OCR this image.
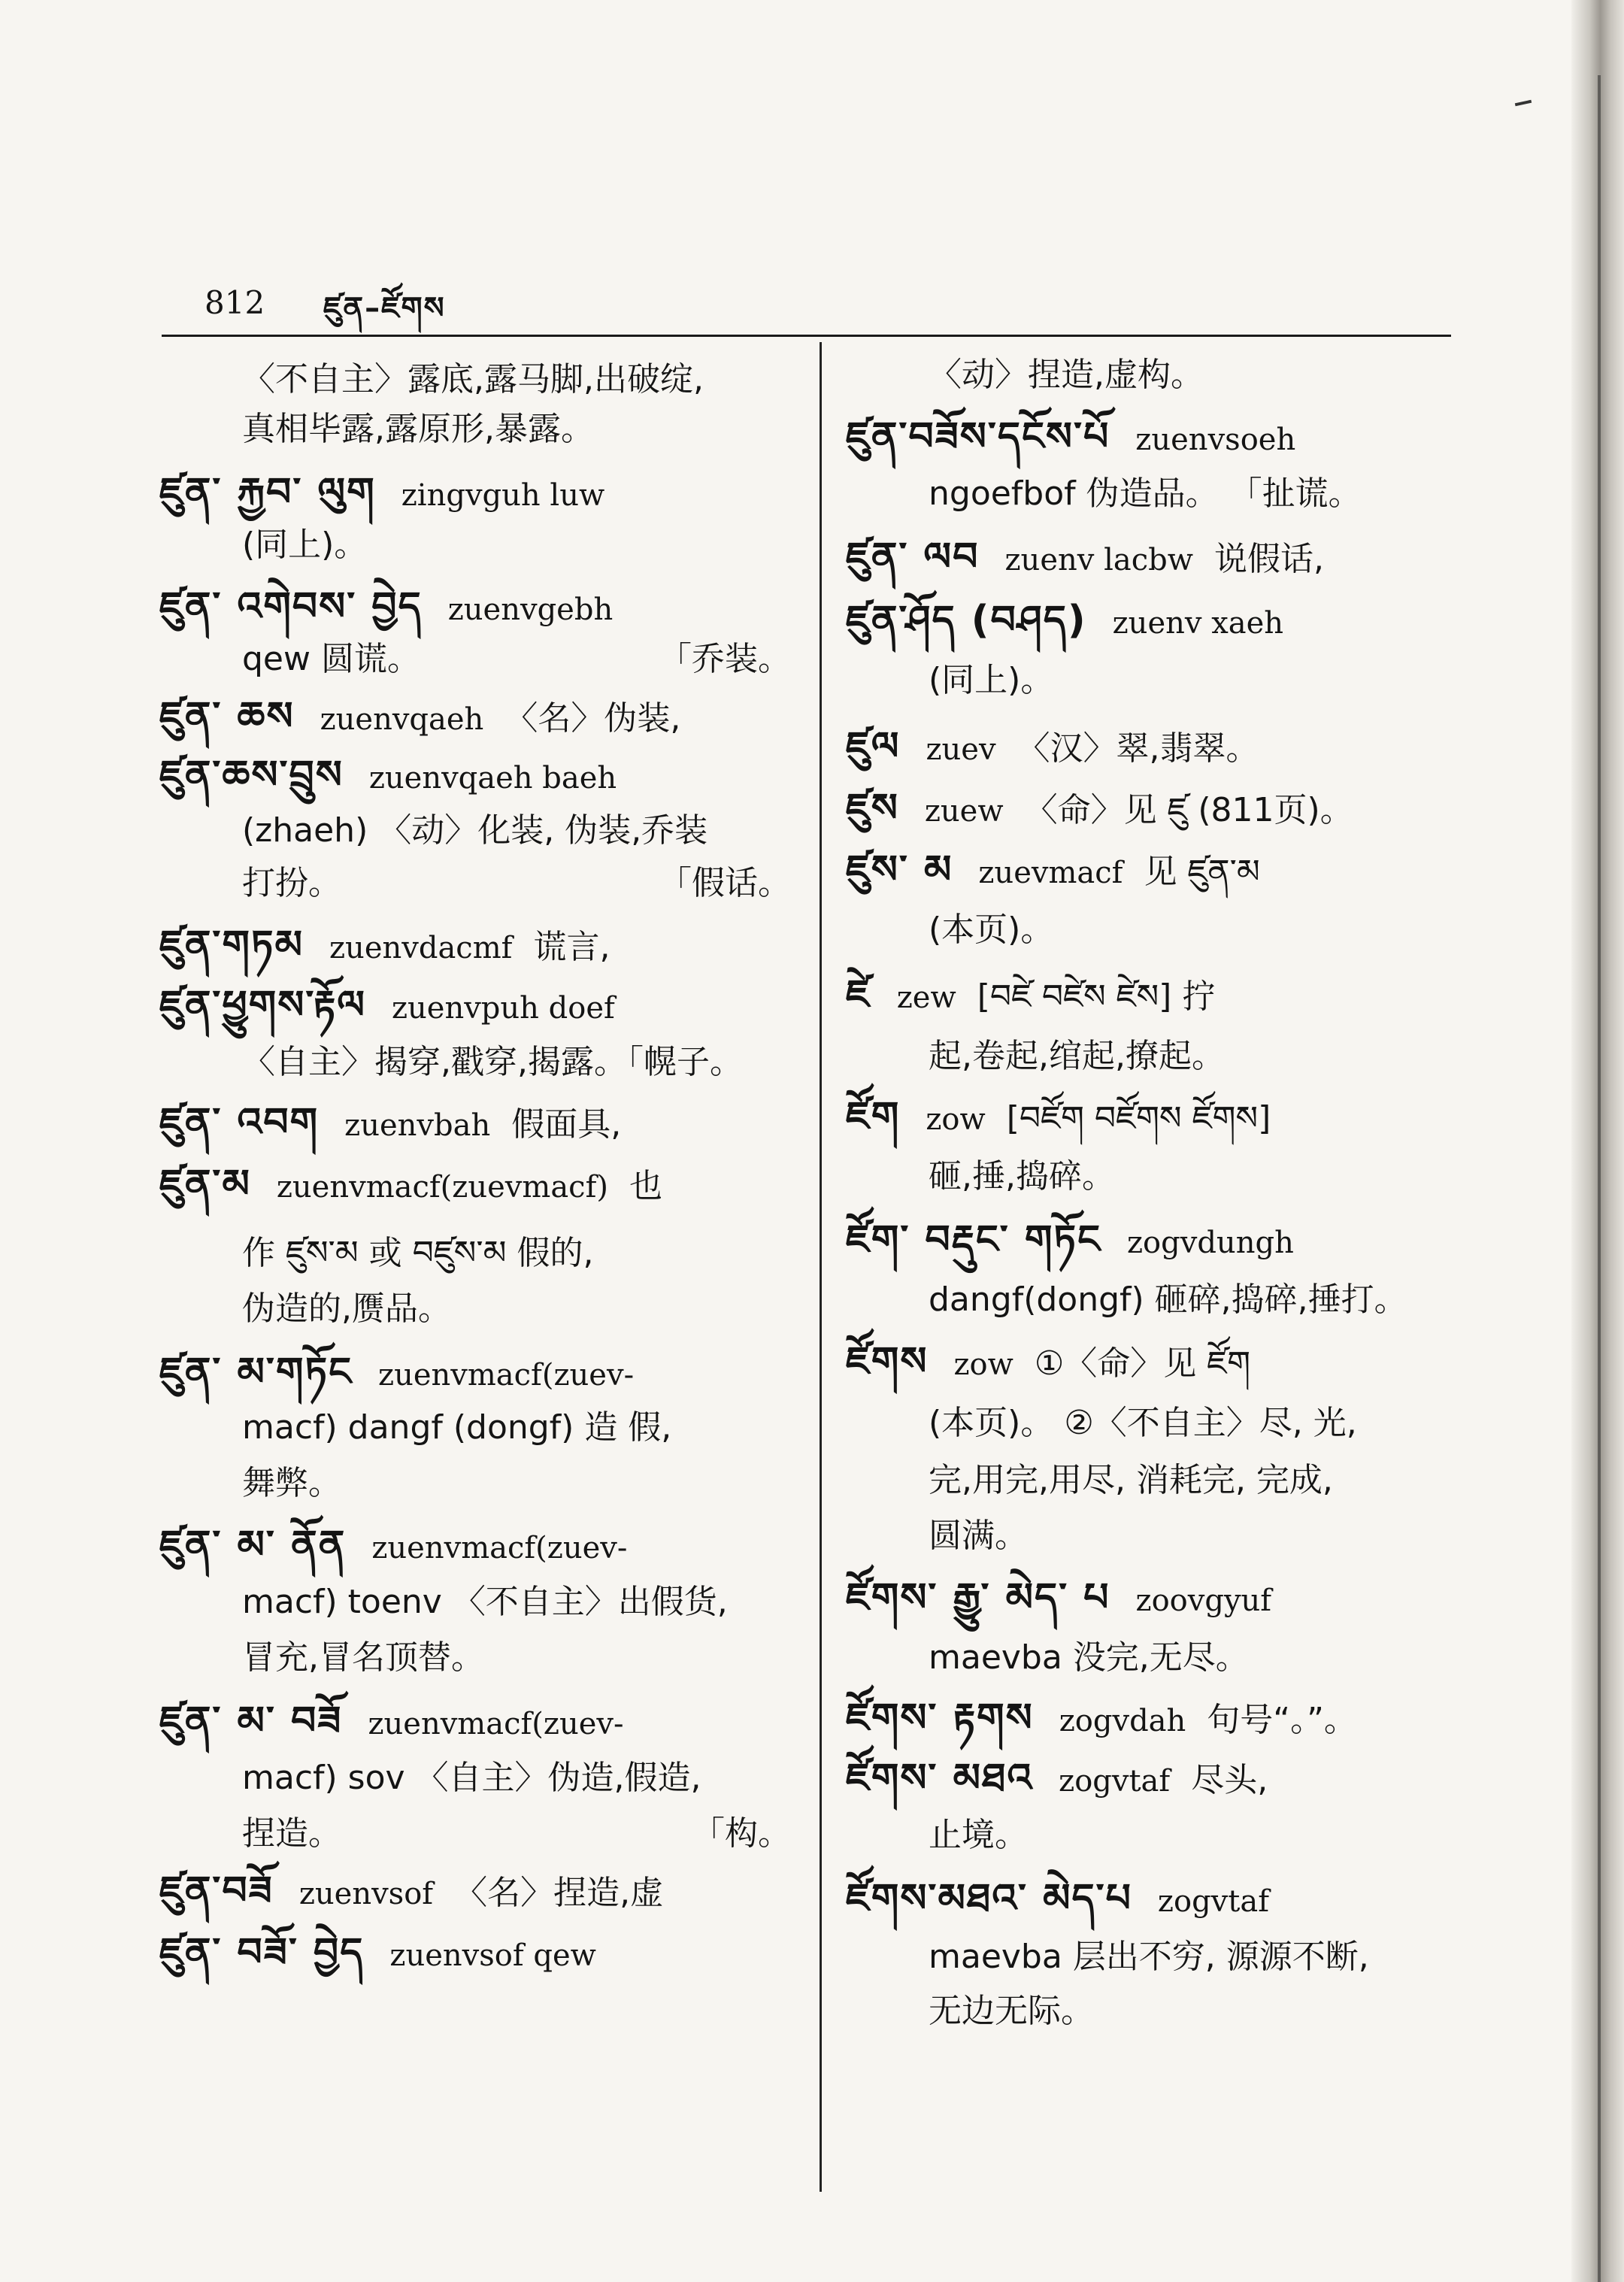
812 ཛུན–ཛོགས
〈不自主〉露底,露马脚,出破绽,
真相毕露,露原形,暴露。
ཛུན་ རྐྱབ་ ལུག zingvguh luw
(同上)。
ཛུན་ འགེབས་ བྱེད zuenvgebh
qew 圆谎。	「乔装。
ཛུན་ ཆས zuenvqaeh 〈名〉伪装,
ཛུན་ཆས་བྲུས zuenvqaeh baeh
(zhaeh) 〈动〉化装, 伪装,乔装
打扮。	「假话。
ཛུན་གཏམ zuenvdacmf 谎言,
ཛུན་ཕྱུགས་རྟོལ zuenvpuh doef
〈自主〉揭穿,戳穿,揭露。「幌子。
ཛུན་ འབག zuenvbah 假面具,
ཛུན་མ zuenvmacf(zuevmacf) 也
作 ཛུས་མ 或 བཛུས་མ 假的,
伪造的,赝品。
ཛུན་ མ་གཏོང zuenvmacf(zuev-
macf) dangf (dongf) 造 假,
舞弊。
ཛུན་ མ་ ནོན zuenvmacf(zuev-
macf) toenv 〈不自主〉出假货,
冒充,冒名顶替。
ཛུན་ མ་ བཟོ zuenvmacf(zuev-
macf) sov 〈自主〉伪造,假造,
捏造。	「构。
ཛུན་བཟོ zuenvsof 〈名〉捏造,虚
ཛུན་ བཟོ་ བྱེད zuenvsof qew
〈动〉捏造,虚构。
ཛུན་བཟོས་དངོས་པོ zuenvsoeh
ngoefbof 伪造品。 「扯谎。
ཛུན་ ལབ zuenv lacbw 说假话,
ཛུན་ཤོད (བཤད) zuenv xaeh
(同上)。
ཛུལ zuev 〈汉〉翠,翡翠。
ཛུས zuew 〈命〉见 ཛུ (811页)。
ཛུས་ མ zuevmacf 见 ཛུན་མ
(本页)。
ཛེ zew [བཛེ བཛེས ཛེས] 拧
起,卷起,绾起,撩起。
ཛོག zow [བཛོག བཛོགས ཛོགས]
砸,捶,捣碎。
ཛོག་ བརྡུང་ གཏོང zogvdungh
dangf(dongf) 砸碎,捣碎,捶打。
ཛོགས zow ①〈命〉见 ཛོག
(本页)。 ②〈不自主〉尽, 光,
完,用完,用尽, 消耗完, 完成,
圆满。
ཛོགས་ རྒྱུ་ མེད་ པ zoovgyuf
maevba 没完,无尽。
ཛོགས་ རྟགས zogvdah 句号“。”。
ཛོགས་ མཐའ zogvtaf 尽头,
止境。
ཛོགས་མཐའ་ མེད་པ zogvtaf
maevba 层出不穷, 源源不断,
无边无际。
